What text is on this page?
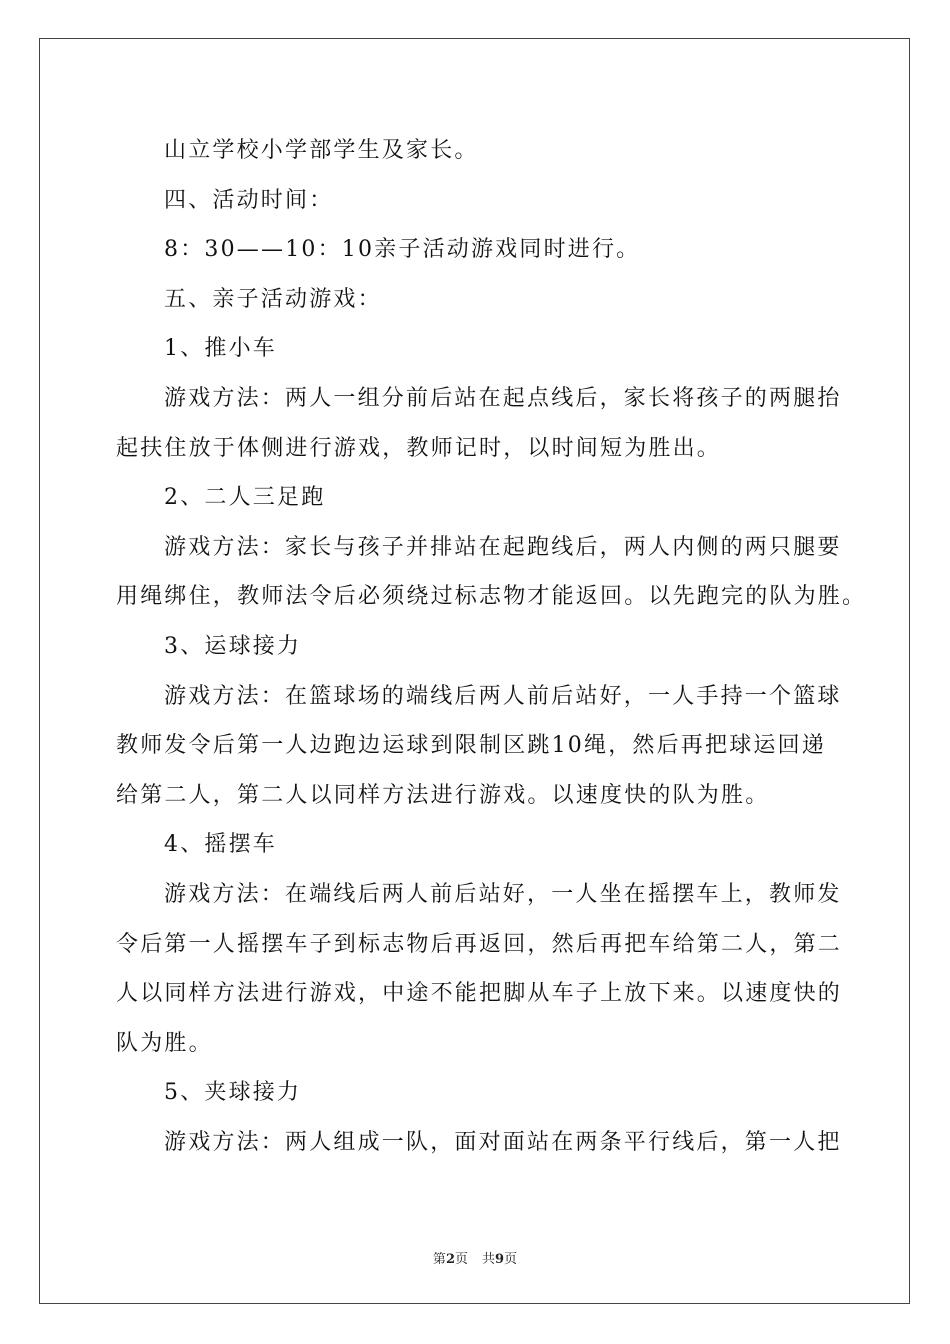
山立学校小学部学生及家长。
四、活动时间：
8：30——10：10亲子活动游戏同时进行。
五、亲子活动游戏：
1、推小车
游戏方法：两人一组分前后站在起点线后，家长将孩子的两腿抬
起扶住放于体侧进行游戏，教师记时，以时间短为胜出。
2、二人三足跑
游戏方法：家长与孩子并排站在起跑线后，两人内侧的两只腿要
用绳绑住，教师法令后必须绕过标志物才能返回。以先跑完的队为胜。
3、运球接力
游戏方法：在篮球场的端线后两人前后站好，一人手持一个篮球
教师发令后第一人边跑边运球到限制区跳10绳，然后再把球运回递
给第二人，第二人以同样方法进行游戏。以速度快的队为胜。
4、摇摆车
游戏方法：在端线后两人前后站好，一人坐在摇摆车上，教师发
令后第一人摇摆车子到标志物后再返回，然后再把车给第二人，第二
人以同样方法进行游戏，中途不能把脚从车子上放下来。以速度快的
队为胜。
5、夹球接力
游戏方法：两人组成一队，面对面站在两条平行线后，第一人把
第2页 共9页
